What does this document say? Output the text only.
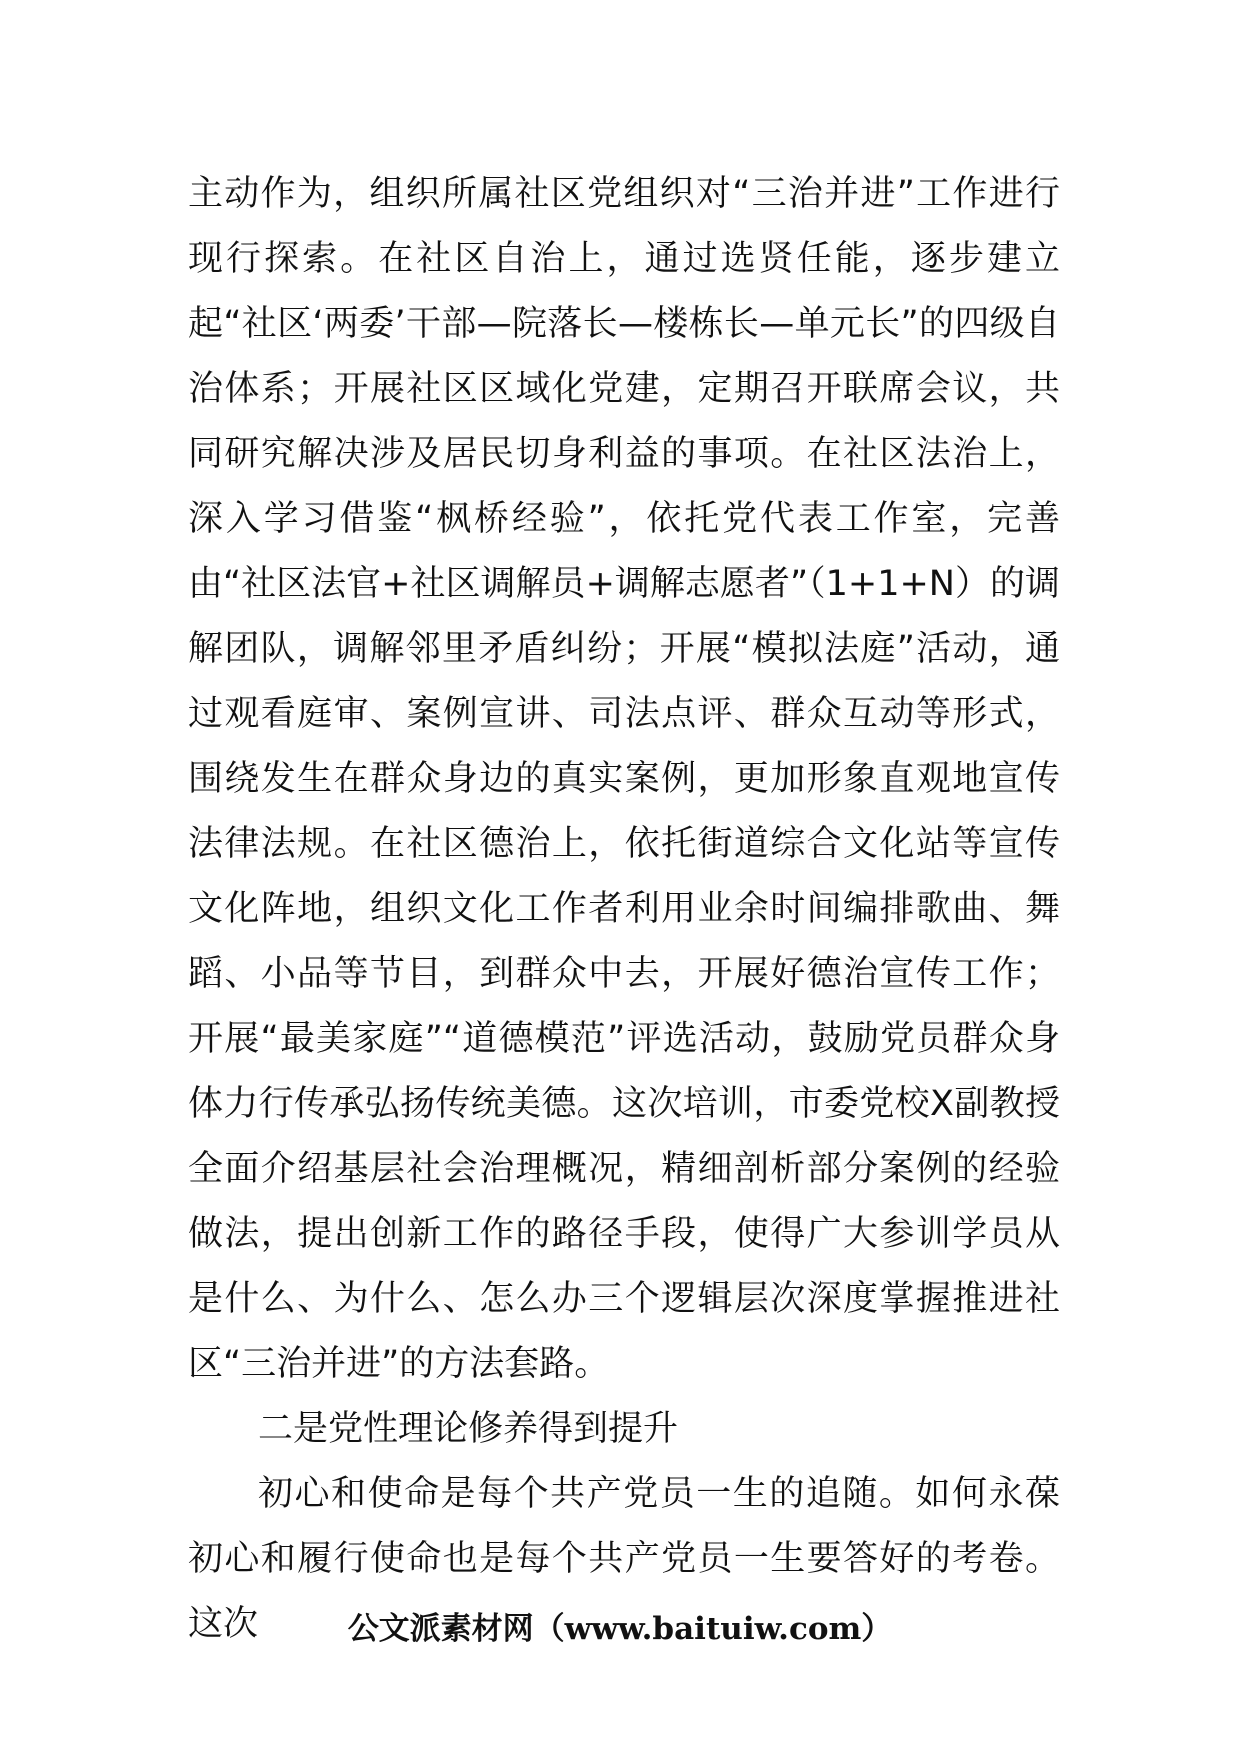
主动作为，组织所属社区党组织对“三治并进”工作进行现行探索。在社区自治上，通过选贤任能，逐步建立起“社区‘两委’干部—院落长—楼栋长—单元长”的四级自治体系；开展社区区域化党建，定期召开联席会议，共同研究解决涉及居民切身利益的事项。在社区法治上，深入学习借鉴“枫桥经验”，依托党代表工作室，完善由“社区法官+社区调解员+调解志愿者”（1+1+N）的调解团队，调解邻里矛盾纠纷；开展“模拟法庭”活动，通过观看庭审、案例宣讲、司法点评、群众互动等形式，围绕发生在群众身边的真实案例，更加形象直观地宣传法律法规。在社区德治上，依托街道综合文化站等宣传文化阵地，组织文化工作者利用业余时间编排歌曲、舞蹈、小品等节目，到群众中去，开展好德治宣传工作；开展“最美家庭”“道德模范”评选活动，鼓励党员群众身体力行传承弘扬传统美德。这次培训，市委党校X副教授全面介绍基层社会治理概况，精细剖析部分案例的经验做法，提出创新工作的路径手段，使得广大参训学员从是什么、为什么、怎么办三个逻辑层次深度掌握推进社区“三治并进”的方法套路。

二是党性理论修养得到提升

初心和使命是每个共产党员一生的追随。如何永葆初心和履行使命也是每个共产党员一生要答好的考卷。这次	公文派素材网（www.baituiw.com）
